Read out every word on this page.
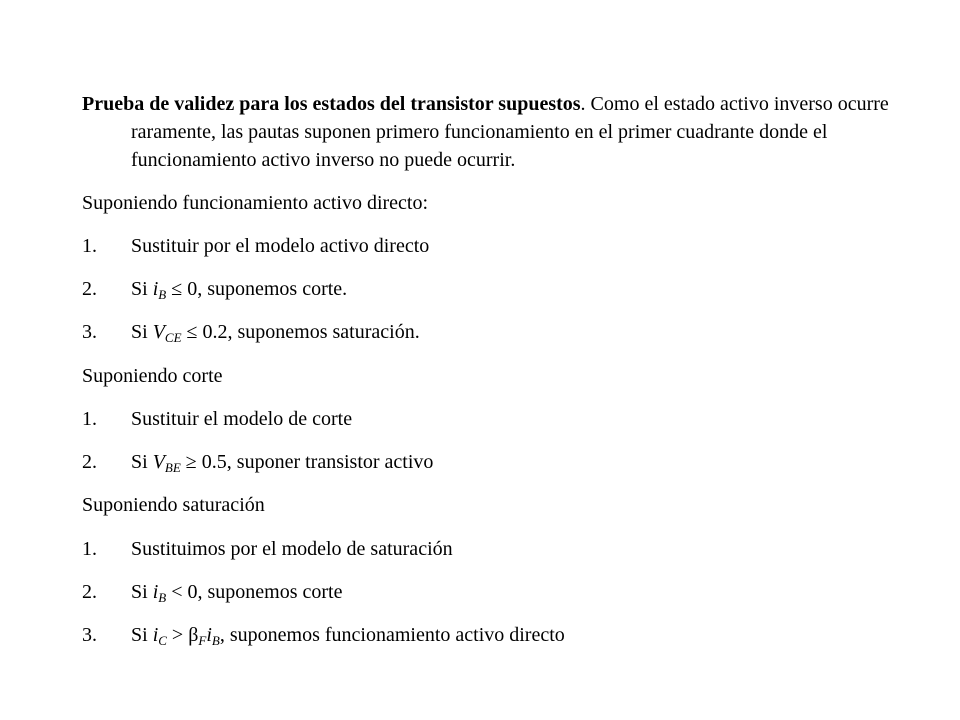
Prueba de validez para los estados del transistor supuestos. Como el estado activo inverso ocurre raramente, las pautas suponen primero funcionamiento en el primer cuadrante donde el funcionamiento activo inverso no puede ocurrir.
Suponiendo funcionamiento activo directo:
1. Sustituir por el modelo activo directo
2. Si $i_B \le 0$, suponemos corte.
3. Si $V_{CE} \le 0.2$, suponemos saturación.
Suponiendo corte
1. Sustituir el modelo de corte
2. Si $V_{BE} \ge 0.5$, suponer transistor activo
Suponiendo saturación
1. Sustituimos por el modelo de saturación
2. Si $i_B < 0$, suponemos corte
3. Si $i_C > \beta_Fi_B$, suponemos funcionamiento activo directo
